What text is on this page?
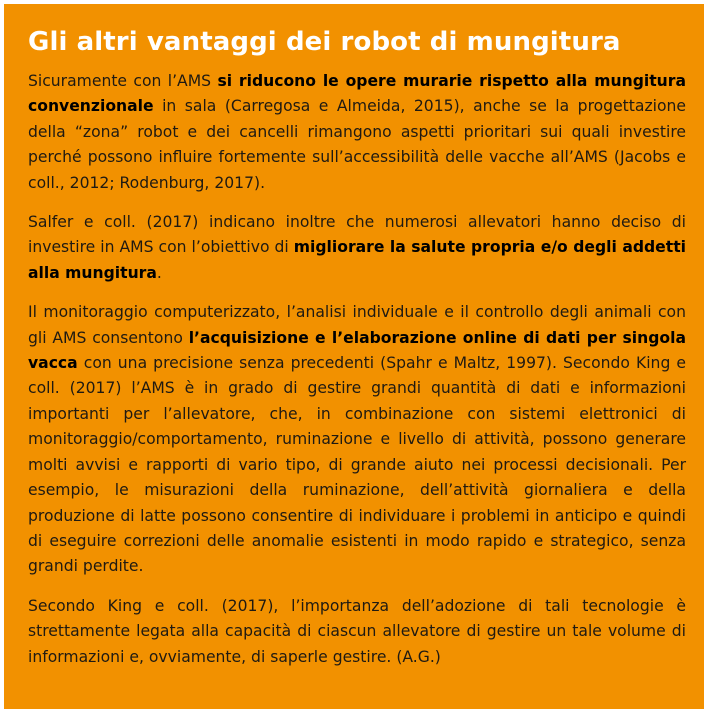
Gli altri vantaggi dei robot di mungitura

Sicuramente con l’AMS si riducono le opere murarie rispetto alla mungitura convenzionale in sala (Carregosa e Almeida, 2015), anche se la progettazione della “zona” robot e dei cancelli rimangono aspetti prioritari sui quali investire perché possono influire fortemente sull’accessibilità delle vacche all’AMS (Jacobs e coll., 2012; Rodenburg, 2017).

Salfer e coll. (2017) indicano inoltre che numerosi allevatori hanno deciso di investire in AMS con l’obiettivo di migliorare la salute propria e/o degli addetti alla mungitura.

Il monitoraggio computerizzato, l’analisi individuale e il controllo degli animali con gli AMS consentono l’acquisizione e l’elaborazione online di dati per singola vacca con una precisione senza precedenti (Spahr e Maltz, 1997). Secondo King e coll. (2017) l’AMS è in grado di gestire grandi quantità di dati e informazioni importanti per l’allevatore, che, in combinazione con sistemi elettronici di monitoraggio/comportamento, ruminazione e livello di attività, possono generare molti avvisi e rapporti di vario tipo, di grande aiuto nei processi decisionali. Per esempio, le misurazioni della ruminazione, dell’attività giornaliera e della produzione di latte possono consentire di individuare i problemi in anticipo e quindi di eseguire correzioni delle anomalie esistenti in modo rapido e strategico, senza grandi perdite.

Secondo King e coll. (2017), l’importanza dell’adozione di tali tecnologie è strettamente legata alla capacità di ciascun allevatore di gestire un tale volume di informazioni e, ovviamente, di saperle gestire. (A.G.)
